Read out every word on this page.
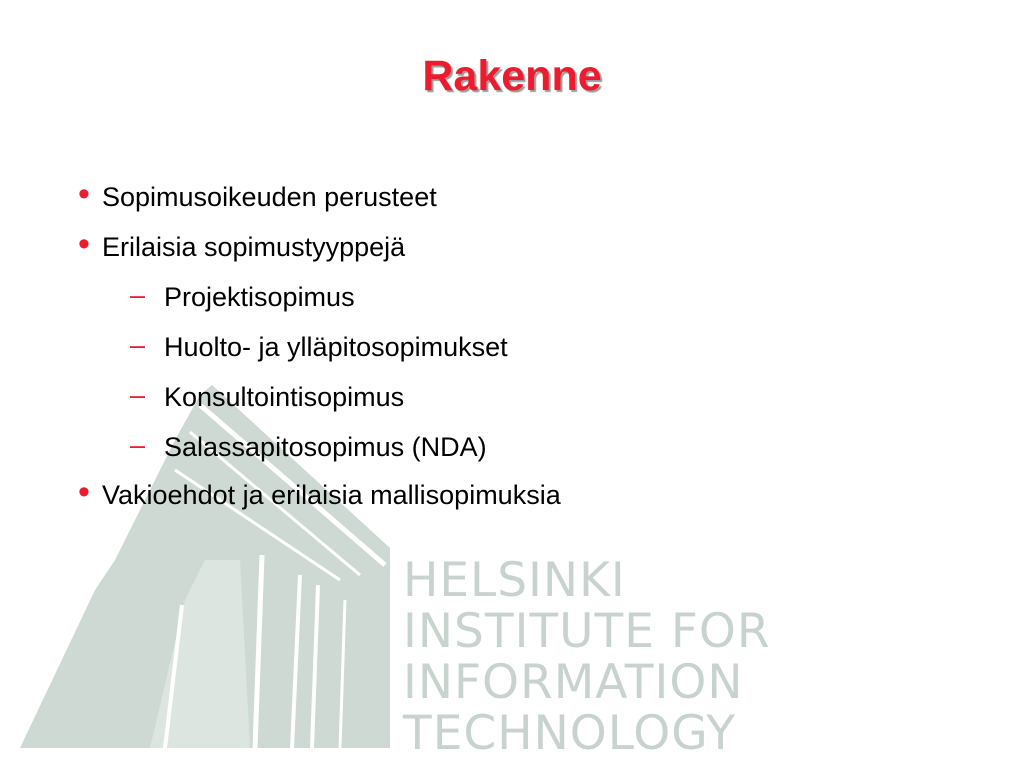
HELSINKI
INSTITUTE FOR
INFORMATION
TECHNOLOGY
Rakenne
• Sopimusoikeuden perusteet
• Erilaisia sopimustyyppejä
– Projektisopimus
– Huolto- ja ylläpitosopimukset
– Konsultointisopimus
– Salassapitosopimus (NDA)
• Vakioehdot ja erilaisia mallisopimuksia
